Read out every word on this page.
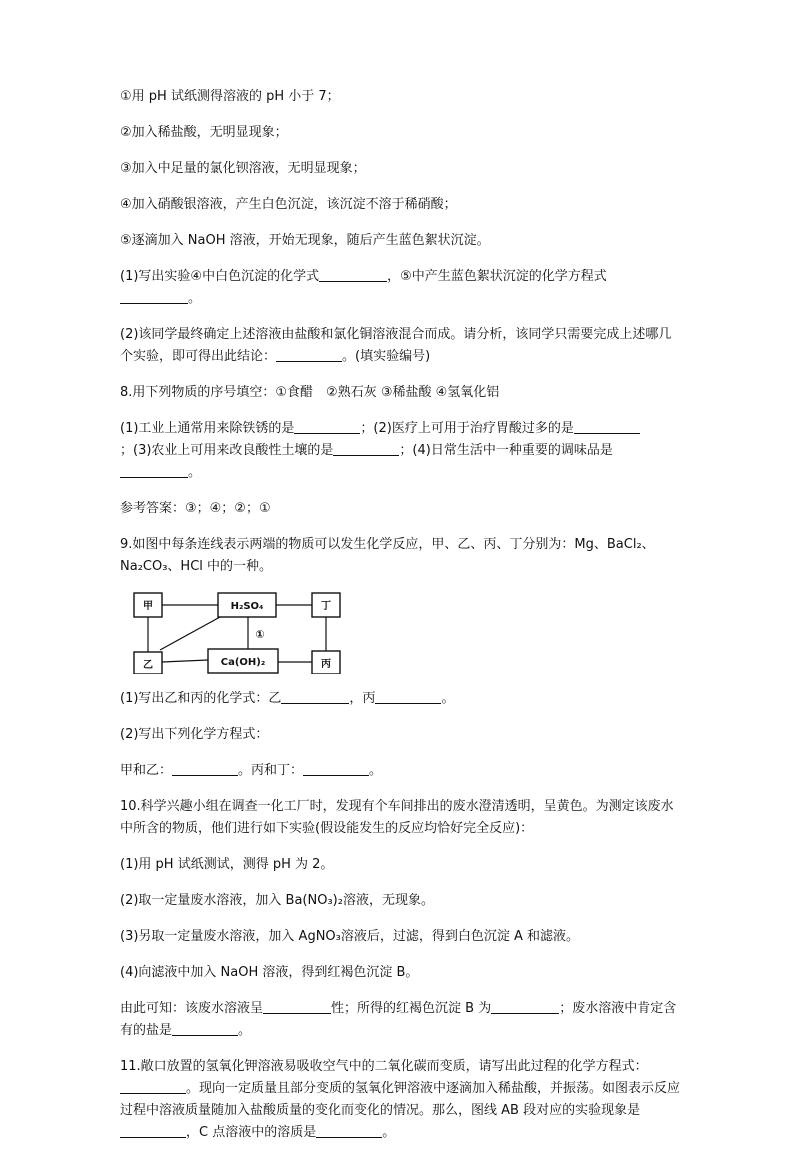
①用 pH 试纸测得溶液的 pH 小于 7；

②加入稀盐酸，无明显现象；

③加入中足量的氯化钡溶液，无明显现象；

④加入硝酸银溶液，产生白色沉淀，该沉淀不溶于稀硝酸；

⑤逐滴加入 NaOH 溶液，开始无现象，随后产生蓝色絮状沉淀。

(1)写出实验④中白色沉淀的化学式	，⑤中产生蓝色絮状沉淀的化学方程式
。

(2)该同学最终确定上述溶液由盐酸和氯化铜溶液混合而成。请分析，该同学只需要完成上述哪几个实验，即可得出此结论：	。(填实验编号)

8.用下列物质的序号填空：①食醋　②熟石灰 ③稀盐酸 ④氢氧化铝

(1)工业上通常用来除铁锈的是	；(2)医疗上可用于治疗胃酸过多的是

；(3)农业上可用来改良酸性土壤的是	；(4)日常生活中一种重要的调味品是

。

参考答案：③；④；②；①

9.如图中每条连线表示两端的物质可以发生化学反应，甲、乙、丙、丁分别为：Mg、BaCl₂、
Na₂CO₃、HCl 中的一种。

甲	H₂SO₄	丁
乙	Ca(OH)₂	丙
①

(1)写出乙和丙的化学式：乙	，丙	。

(2)写出下列化学方程式：

甲和乙：	。丙和丁：	。

10.科学兴趣小组在调查一化工厂时，发现有个车间排出的废水澄清透明，呈黄色。为测定该废水中所含的物质，他们进行如下实验(假设能发生的反应均恰好完全反应)：

(1)用 pH 试纸测试，测得 pH 为 2。

(2)取一定量废水溶液，加入 Ba(NO₃)₂溶液，无现象。

(3)另取一定量废水溶液，加入 AgNO₃溶液后，过滤，得到白色沉淀 A 和滤液。

(4)向滤液中加入 NaOH 溶液，得到红褐色沉淀 B。

由此可知：该废水溶液呈	性；所得的红褐色沉淀 B 为	；废水溶液中肯定含有的盐是	。

11.敞口放置的氢氧化钾溶液易吸收空气中的二氧化碳而变质，请写出此过程的化学方程式：。现向一定质量且部分变质的氢氧化钾溶液中逐滴加入稀盐酸，并振荡。如图表示反应过程中溶液质量随加入盐酸质量的变化而变化的情况。那么，图线 AB 段对应的实验现象是，C 点溶液中的溶质是	。
